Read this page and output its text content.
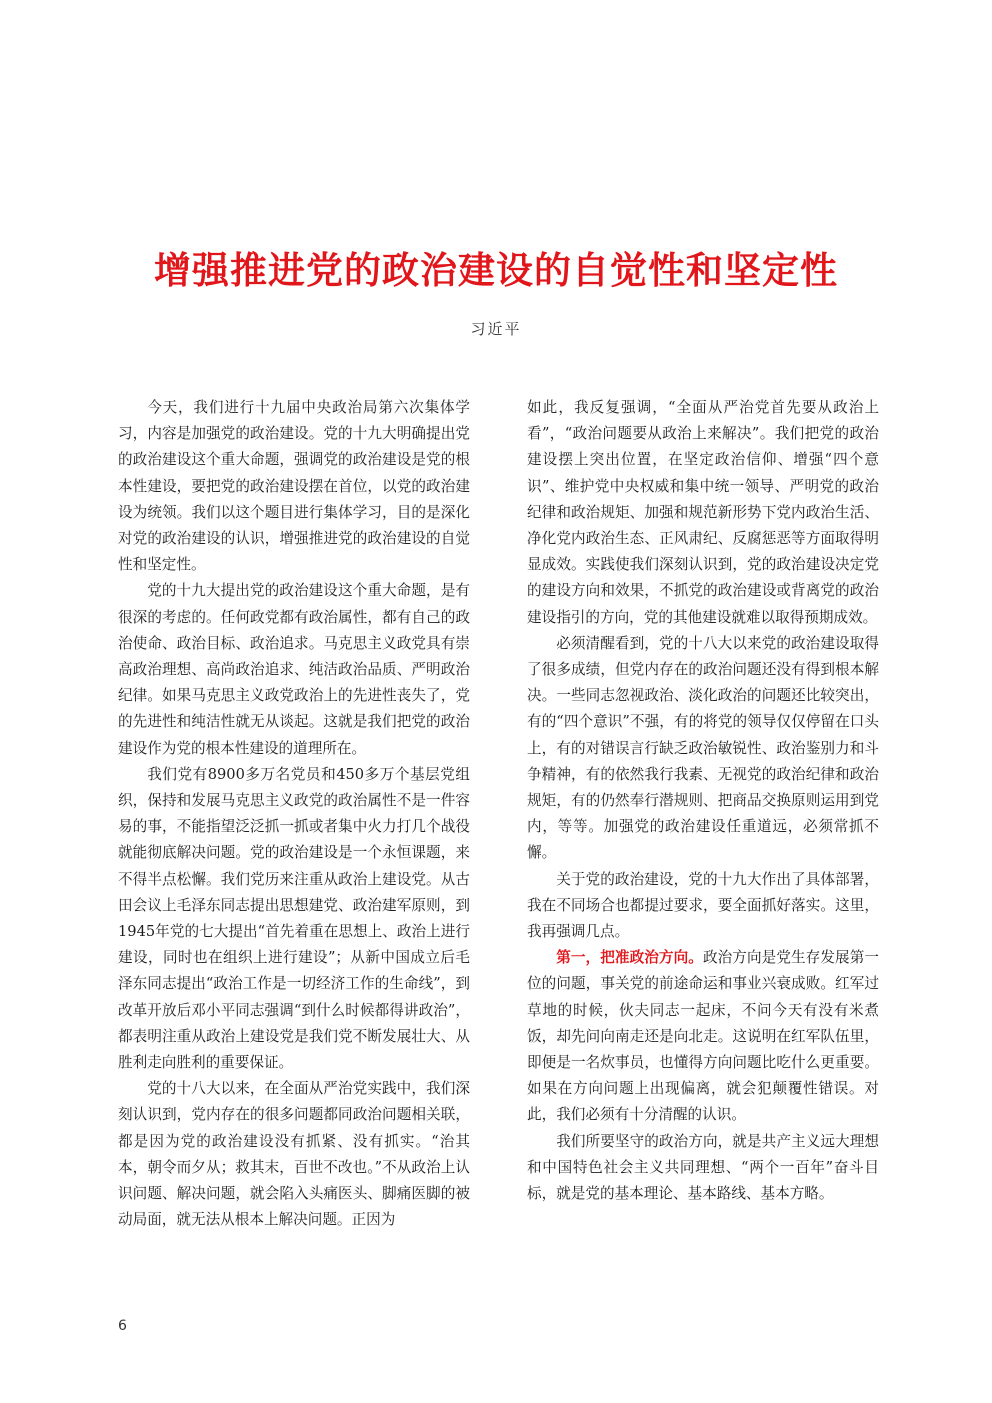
增强推进党的政治建设的自觉性和坚定性
习近平

今天，我们进行十九届中央政治局第六次集体学习，内容是加强党的政治建设。党的十九大明确提出党的政治建设这个重大命题，强调党的政治建设是党的根本性建设，要把党的政治建设摆在首位，以党的政治建设为统领。我们以这个题目进行集体学习，目的是深化对党的政治建设的认识，增强推进党的政治建设的自觉性和坚定性。

党的十九大提出党的政治建设这个重大命题，是有很深的考虑的。任何政党都有政治属性，都有自己的政治使命、政治目标、政治追求。马克思主义政党具有崇高政治理想、高尚政治追求、纯洁政治品质、严明政治纪律。如果马克思主义政党政治上的先进性丧失了，党的先进性和纯洁性就无从谈起。这就是我们把党的政治建设作为党的根本性建设的道理所在。

我们党有8900多万名党员和450多万个基层党组织，保持和发展马克思主义政党的政治属性不是一件容易的事，不能指望泛泛抓一抓或者集中火力打几个战役就能彻底解决问题。党的政治建设是一个永恒课题，来不得半点松懈。我们党历来注重从政治上建设党。从古田会议上毛泽东同志提出思想建党、政治建军原则，到1945年党的七大提出“首先着重在思想上、政治上进行建设，同时也在组织上进行建设”；从新中国成立后毛泽东同志提出“政治工作是一切经济工作的生命线”，到改革开放后邓小平同志强调“到什么时候都得讲政治”，都表明注重从政治上建设党是我们党不断发展壮大、从胜利走向胜利的重要保证。

党的十八大以来，在全面从严治党实践中，我们深刻认识到，党内存在的很多问题都同政治问题相关联，都是因为党的政治建设没有抓紧、没有抓实。“治其本，朝令而夕从；救其末，百世不改也。”不从政治上认识问题、解决问题，就会陷入头痛医头、脚痛医脚的被动局面，就无法从根本上解决问题。正因为

如此，我反复强调，“全面从严治党首先要从政治上看”，“政治问题要从政治上来解决”。我们把党的政治建设摆上突出位置，在坚定政治信仰、增强“四个意识”、维护党中央权威和集中统一领导、严明党的政治纪律和政治规矩、加强和规范新形势下党内政治生活、净化党内政治生态、正风肃纪、反腐惩恶等方面取得明显成效。实践使我们深刻认识到，党的政治建设决定党的建设方向和效果，不抓党的政治建设或背离党的政治建设指引的方向，党的其他建设就难以取得预期成效。

必须清醒看到，党的十八大以来党的政治建设取得了很多成绩，但党内存在的政治问题还没有得到根本解决。一些同志忽视政治、淡化政治的问题还比较突出，有的“四个意识”不强，有的将党的领导仅仅停留在口头上，有的对错误言行缺乏政治敏锐性、政治鉴别力和斗争精神，有的依然我行我素、无视党的政治纪律和政治规矩，有的仍然奉行潜规则、把商品交换原则运用到党内，等等。加强党的政治建设任重道远，必须常抓不懈。

关于党的政治建设，党的十九大作出了具体部署，我在不同场合也都提过要求，要全面抓好落实。这里，我再强调几点。

第一，把准政治方向。政治方向是党生存发展第一位的问题，事关党的前途命运和事业兴衰成败。红军过草地的时候，伙夫同志一起床，不问今天有没有米煮饭，却先问向南走还是向北走。这说明在红军队伍里，即便是一名炊事员，也懂得方向问题比吃什么更重要。如果在方向问题上出现偏离，就会犯颠覆性错误。对此，我们必须有十分清醒的认识。

我们所要坚守的政治方向，就是共产主义远大理想和中国特色社会主义共同理想、“两个一百年”奋斗目标，就是党的基本理论、基本路线、基本方略。

6
